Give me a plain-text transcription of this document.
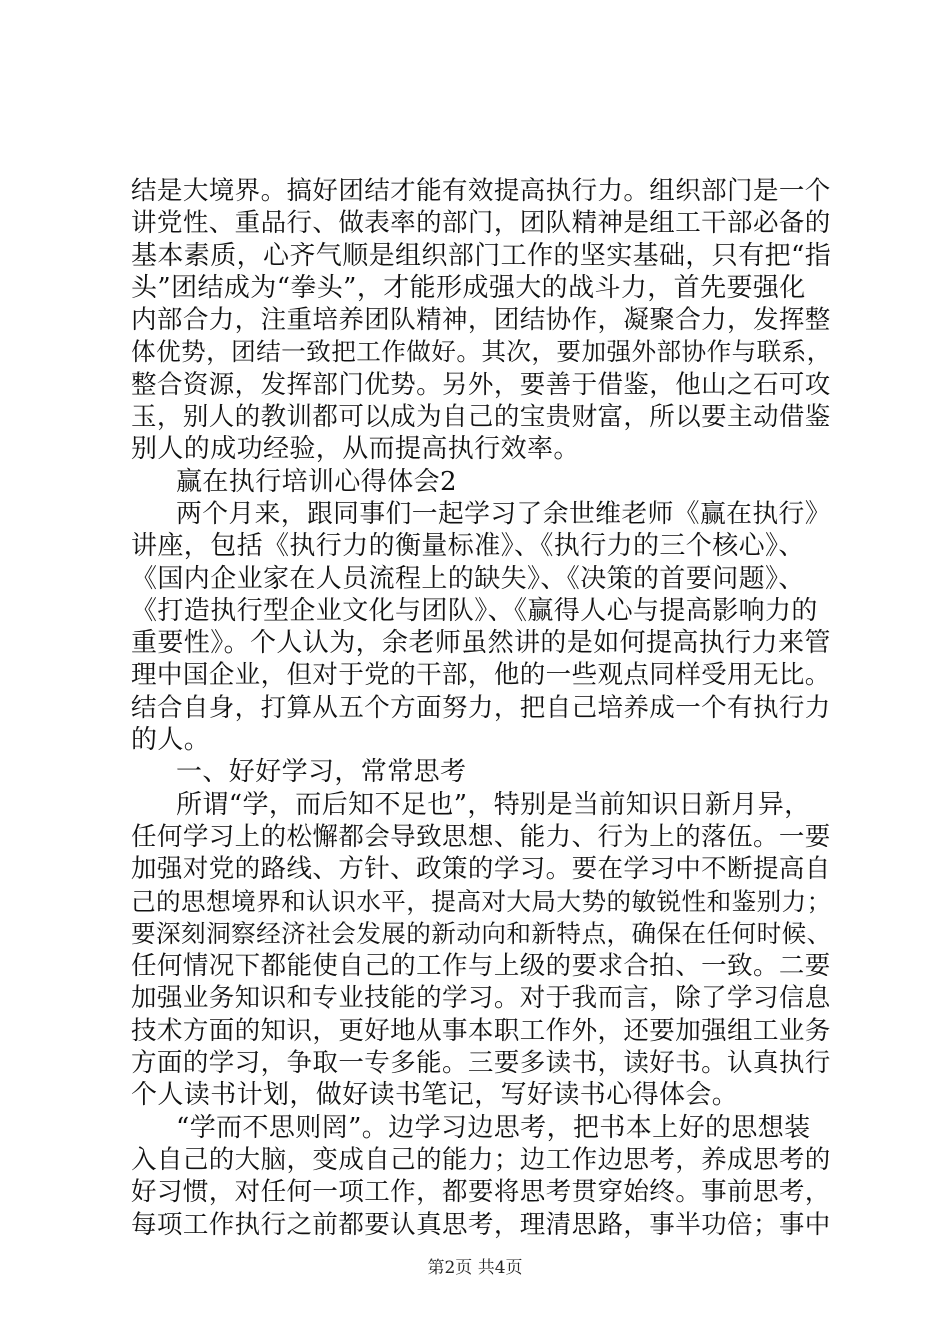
结是大境界。搞好团结才能有效提高执行力。组织部门是一个
讲党性、重品行、做表率的部门，团队精神是组工干部必备的
基本素质，心齐气顺是组织部门工作的坚实基础，只有把“指
头”团结成为“拳头”，才能形成强大的战斗力，首先要强化
内部合力，注重培养团队精神，团结协作，凝聚合力，发挥整
体优势，团结一致把工作做好。其次，要加强外部协作与联系，
整合资源，发挥部门优势。另外，要善于借鉴，他山之石可攻
玉，别人的教训都可以成为自己的宝贵财富，所以要主动借鉴
别人的成功经验，从而提高执行效率。
赢在执行培训心得体会2
两个月来，跟同事们一起学习了余世维老师《赢在执行》
讲座，包括《执行力的衡量标准》、《执行力的三个核心》、
《国内企业家在人员流程上的缺失》、《决策的首要问题》、
《打造执行型企业文化与团队》、《赢得人心与提高影响力的
重要性》。个人认为，余老师虽然讲的是如何提高执行力来管
理中国企业，但对于党的干部，他的一些观点同样受用无比。
结合自身，打算从五个方面努力，把自己培养成一个有执行力
的人。
一、好好学习，常常思考
所谓“学，而后知不足也”，特别是当前知识日新月异，
任何学习上的松懈都会导致思想、能力、行为上的落伍。一要
加强对党的路线、方针、政策的学习。要在学习中不断提高自
己的思想境界和认识水平，提高对大局大势的敏锐性和鉴别力；
要深刻洞察经济社会发展的新动向和新特点，确保在任何时候、
任何情况下都能使自己的工作与上级的要求合拍、一致。二要
加强业务知识和专业技能的学习。对于我而言，除了学习信息
技术方面的知识，更好地从事本职工作外，还要加强组工业务
方面的学习，争取一专多能。三要多读书，读好书。认真执行
个人读书计划，做好读书笔记，写好读书心得体会。
“学而不思则罔”。边学习边思考，把书本上好的思想装
入自己的大脑，变成自己的能力；边工作边思考，养成思考的
好习惯，对任何一项工作，都要将思考贯穿始终。事前思考，
每项工作执行之前都要认真思考，理清思路，事半功倍；事中
第2页 共4页
